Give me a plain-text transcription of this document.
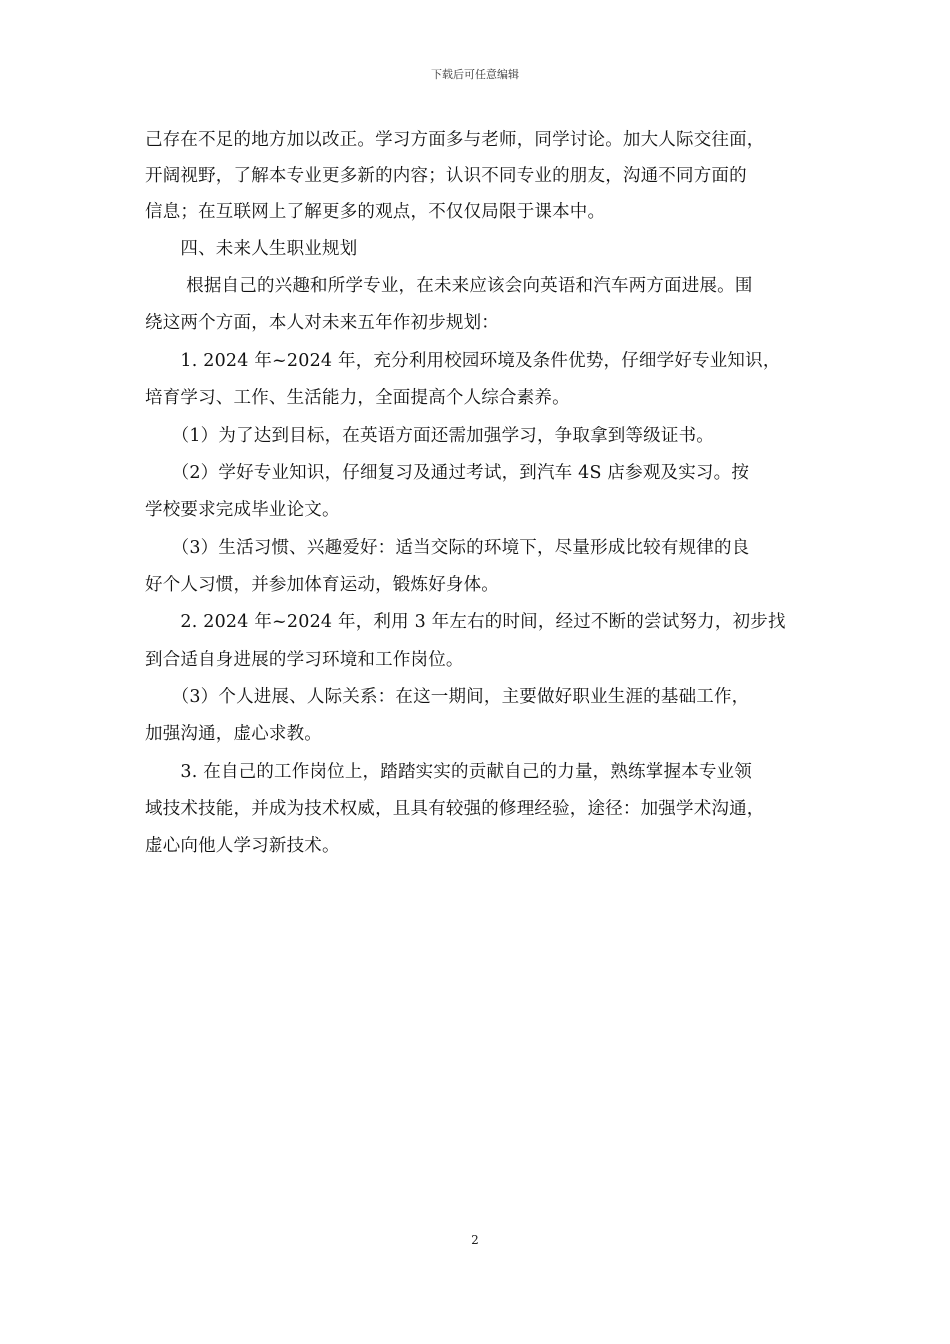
下载后可任意编辑
己存在不足的地方加以改正。学习方面多与老师，同学讨论。加大人际交往面，
开阔视野，了解本专业更多新的内容；认识不同专业的朋友，沟通不同方面的
信息；在互联网上了解更多的观点，不仅仅局限于课本中。
　　四、未来人生职业规划
　　 根据自己的兴趣和所学专业，在未来应该会向英语和汽车两方面进展。围
绕这两个方面，本人对未来五年作初步规划：
　　1. 2024 年~2024 年，充分利用校园环境及条件优势，仔细学好专业知识，
培育学习、工作、生活能力，全面提高个人综合素养。
　　（1）为了达到目标，在英语方面还需加强学习，争取拿到等级证书。
　　（2）学好专业知识，仔细复习及通过考试，到汽车 4S 店参观及实习。按
学校要求完成毕业论文。
　　（3）生活习惯、兴趣爱好：适当交际的环境下，尽量形成比较有规律的良
好个人习惯，并参加体育运动，锻炼好身体。
　　2. 2024 年~2024 年，利用 3 年左右的时间，经过不断的尝试努力，初步找
到合适自身进展的学习环境和工作岗位。
　　（3）个人进展、人际关系：在这一期间，主要做好职业生涯的基础工作，
加强沟通，虚心求教。
　　3. 在自己的工作岗位上，踏踏实实的贡献自己的力量，熟练掌握本专业领
域技术技能，并成为技术权威，且具有较强的修理经验，途径：加强学术沟通，
虚心向他人学习新技术。
2
